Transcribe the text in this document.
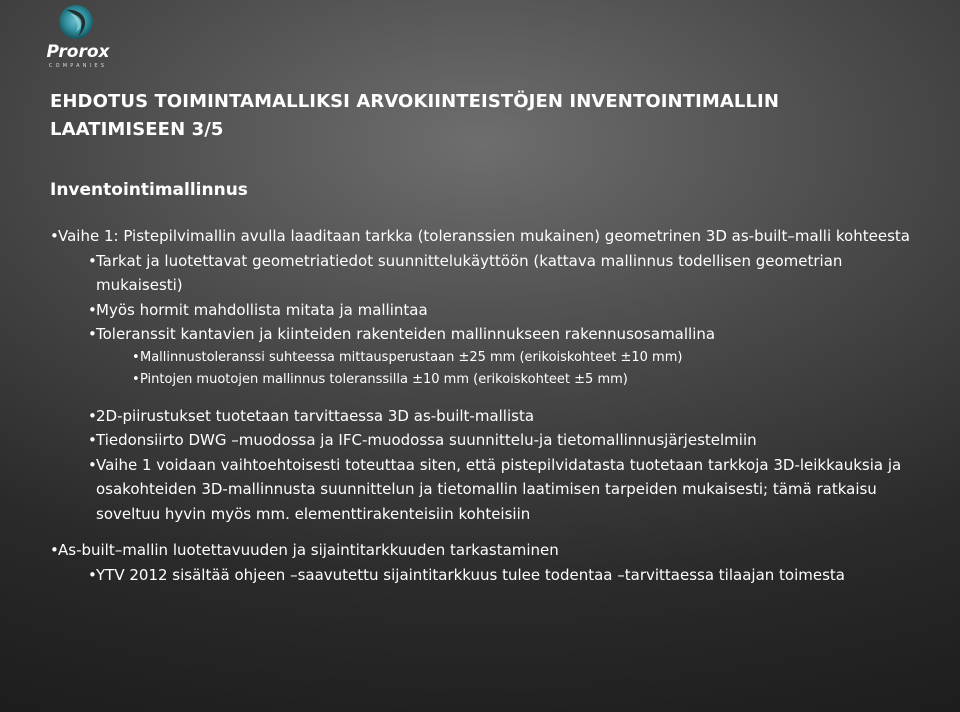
Prorox
COMPANIES
EHDOTUS TOIMINTAMALLIKSI ARVOKIINTEISTÖJEN INVENTOINTIMALLIN
LAATIMISEEN 3/5
Inventointimallinnus
• Vaihe 1: Pistepilvimallin avulla laaditaan tarkka (toleranssien mukainen) geometrinen 3D as-built–malli kohteesta
• Tarkat ja luotettavat geometriatiedot suunnittelukäyttöön (kattava mallinnus todellisen geometrian mukaisesti)
• Myös hormit mahdollista mitata ja mallintaa
• Toleranssit kantavien ja kiinteiden rakenteiden mallinnukseen rakennusosamallina
• Mallinnustoleranssi suhteessa mittausperustaan ±25 mm (erikoiskohteet ±10 mm)
• Pintojen muotojen mallinnus toleranssilla ±10 mm (erikoiskohteet ±5 mm)
• 2D-piirustukset tuotetaan tarvittaessa 3D as-built-mallista
• Tiedonsiirto DWG –muodossa ja IFC-muodossa suunnittelu-ja tietomallinnusjärjestelmiin
• Vaihe 1 voidaan vaihtoehtoisesti toteuttaa siten, että pistepilvidatasta tuotetaan tarkkoja 3D-leikkauksia ja osakohteiden 3D-mallinnusta suunnittelun ja tietomallin laatimisen tarpeiden mukaisesti; tämä ratkaisu soveltuu hyvin myös mm. elementtirakenteisiin kohteisiin
• As-built–mallin luotettavuuden ja sijaintitarkkuuden tarkastaminen
• YTV 2012 sisältää ohjeen –saavutettu sijaintitarkkuus tulee todentaa –tarvittaessa tilaajan toimesta
